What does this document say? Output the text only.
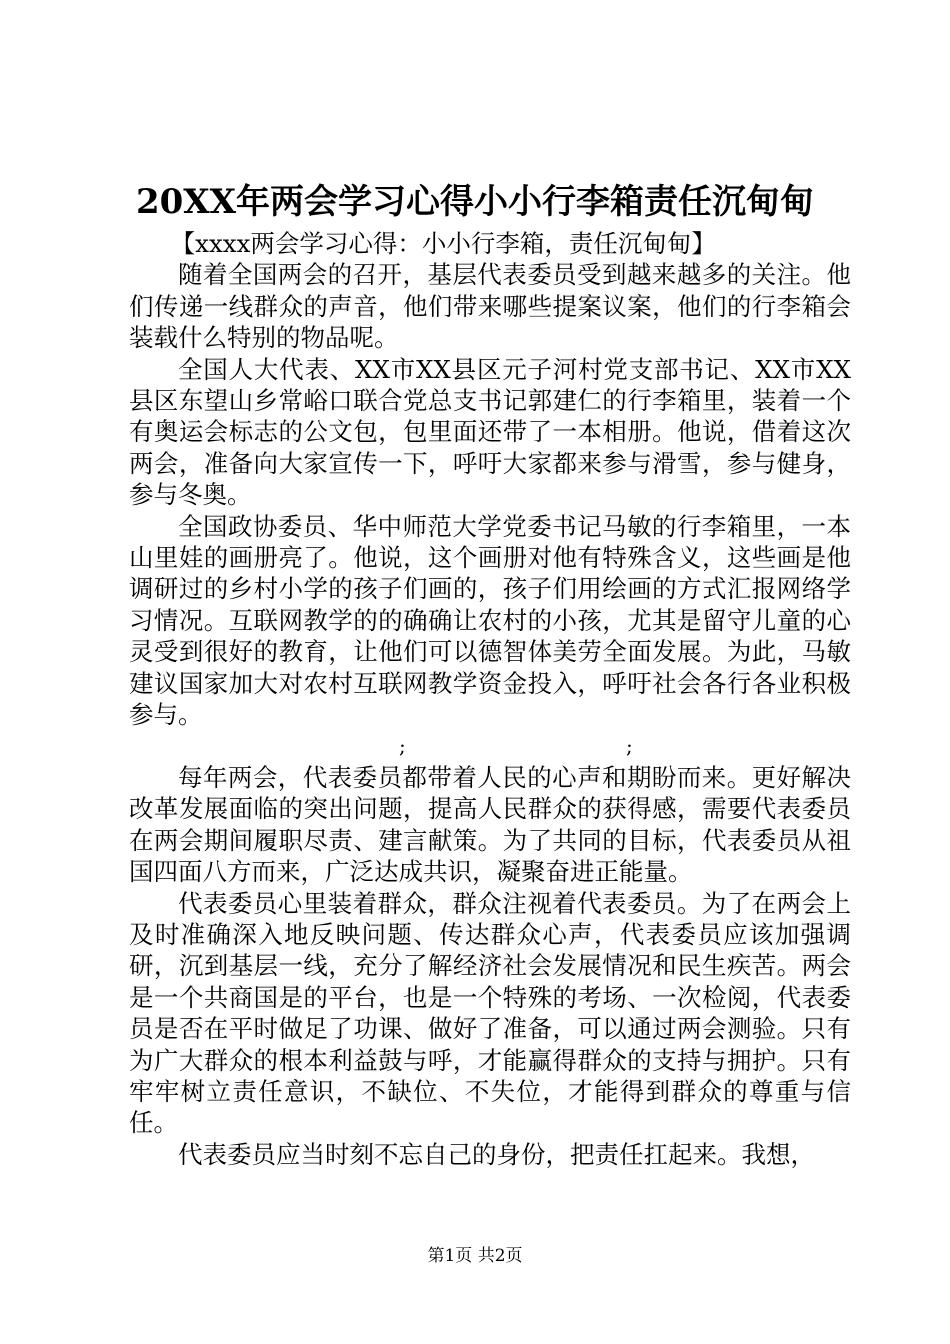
20XX年两会学习心得小小行李箱责任沉甸甸

【xxxx两会学习心得：小小行李箱，责任沉甸甸】

随着全国两会的召开，基层代表委员受到越来越多的关注。他们传递一线群众的声音，他们带来哪些提案议案，他们的行李箱会装载什么特别的物品呢。

全国人大代表、XX市XX县区元子河村党支部书记、XX市XX县区东望山乡常峪口联合党总支书记郭建仁的行李箱里，装着一个有奥运会标志的公文包，包里面还带了一本相册。他说，借着这次两会，准备向大家宣传一下，呼吁大家都来参与滑雪，参与健身，参与冬奥。

全国政协委员、华中师范大学党委书记马敏的行李箱里，一本山里娃的画册亮了。他说，这个画册对他有特殊含义，这些画是他调研过的乡村小学的孩子们画的，孩子们用绘画的方式汇报网络学习情况。互联网教学的的确确让农村的小孩，尤其是留守儿童的心灵受到很好的教育，让他们可以德智体美劳全面发展。为此，马敏建议国家加大对农村互联网教学资金投入，呼吁社会各行各业积极参与。

;	;

每年两会，代表委员都带着人民的心声和期盼而来。更好解决改革发展面临的突出问题，提高人民群众的获得感，需要代表委员在两会期间履职尽责、建言献策。为了共同的目标，代表委员从祖国四面八方而来，广泛达成共识，凝聚奋进正能量。

代表委员心里装着群众，群众注视着代表委员。为了在两会上及时准确深入地反映问题、传达群众心声，代表委员应该加强调研，沉到基层一线，充分了解经济社会发展情况和民生疾苦。两会是一个共商国是的平台，也是一个特殊的考场、一次检阅，代表委员是否在平时做足了功课、做好了准备，可以通过两会测验。只有为广大群众的根本利益鼓与呼，才能赢得群众的支持与拥护。只有牢牢树立责任意识，不缺位、不失位，才能得到群众的尊重与信任。

代表委员应当时刻不忘自己的身份，把责任扛起来。我想，

第1页 共2页
